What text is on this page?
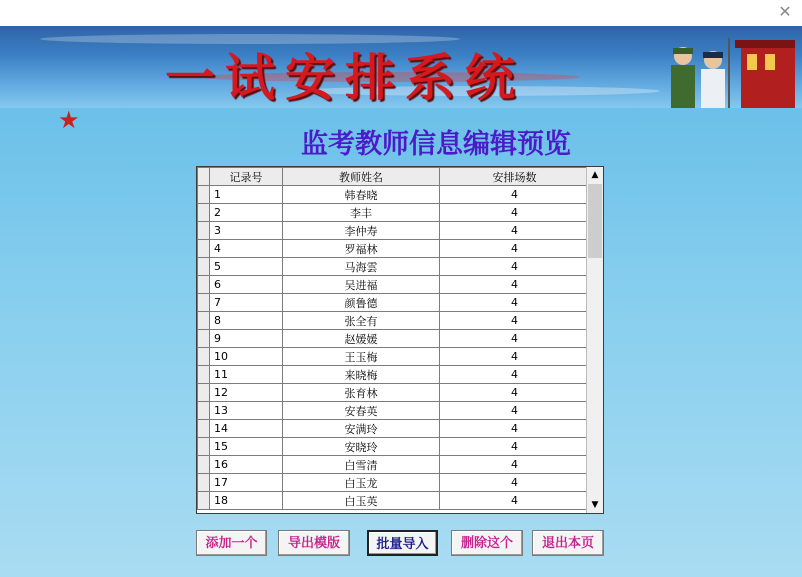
✕
一试安排系统
★
监考教师信息编辑预览
	记录号	教师姓名	安排场数
	1	韩春晓	4
	2	李丰	4
	3	李仲寿	4
	4	罗福林	4
	5	马海雲	4
	6	吴进福	4
	7	颜鲁德	4
	8	张全有	4
	9	赵媛媛	4
	10	王玉梅	4
	11	来晓梅	4
	12	张育林	4
	13	安春英	4
	14	安满玲	4
	15	安晓玲	4
	16	白雪清	4
	17	白玉龙	4
	18	白玉英	4
▲
▼
添加一个	导出模版	批量导入	删除这个	退出本页
